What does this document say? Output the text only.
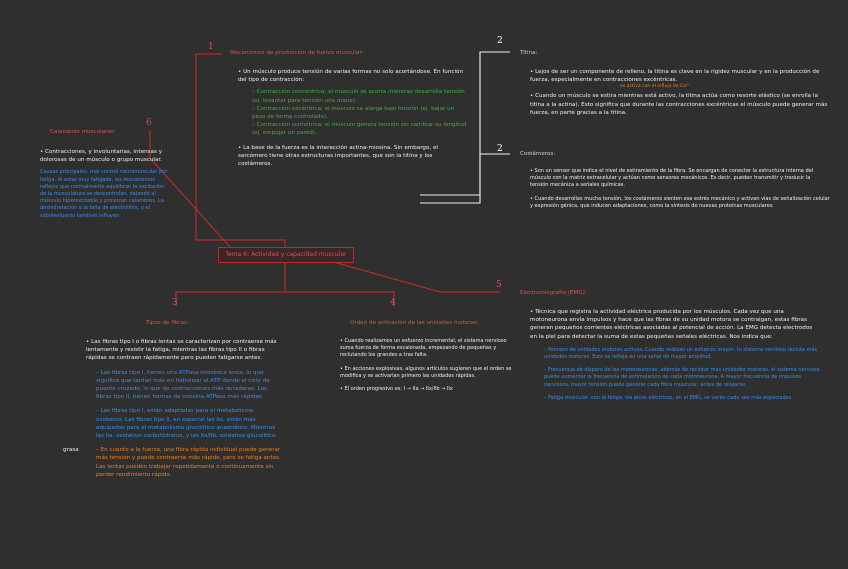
Tema 6: Actividad y capacidad muscular
1
Mecanismos de producción de fuerza muscular:

• Un músculo produce tensión de varias formas no solo acortándose. En función del tipo de contracción:

– Contracción concéntrica: el músculo se acorta mientras desarrolla tensión (ej. levantar para tensión una mano).
– Contracción excéntrica: el músculo se alarga bajo tensión (ej. bajar un peso de forma controlada).
– Contracción isométrica: el músculo genera tensión sin cambiar su longitud (ej. empujar un pared).

• La base de la fuerza es la interacción actina-miosina. Sin embargo, el sarcómero tiene otras estructuras importantes, que son la titina y los costámeros.

2
Titina:

• Lejos de ser un componente de relleno, la titina es clave en la rigidez muscular y en la producción de fuerza, especialmente en contracciones excéntricas.

se activa con el influjo de Ca²⁺

• Cuando un músculo se estira mientras está activo, la titina actúa como resorte elástico (se enrolla la titina a la actina). Esto significa que durante las contracciones excéntricas el músculo puede generar más fuerza, en parte gracias a la titina.

2	Costámeros:

• Son un sensor que indica el nivel de estiramiento de la fibra. Se encargan de conectar la estructura interna del músculo con la matriz extracelular y actúan como sensores mecánicos. Es decir, pueden transmitir y traducir la tensión mecánica a señales químicas.

• Cuando desarrollas mucha tensión, los costámeros sienten ese estrés mecánico y activan vías de señalización celular y expresión génica, que inducen adaptaciones, como la síntesis de nuevas proteínas musculares.

6
Calambres musculares:

• Contracciones, y involuntarias, intensas y dolorosas de un músculo o grupo muscular.

Causas principales: mal control neuromuscular por fatiga. Al estar muy fatigado, los mecanismos reflejos que normalmente equilibran la excitación de la musculatura se descontrolan, dejando al músculo hiperexcitable y provocan calambres. La deshidratación o la falta de electrolitos, y el sobreesfuerzo también influyen.

3
Tipos de fibras:

• Las fibras tipo I o fibras lentas se caracterizan por contraerse más lentamente y resistir la fatiga, mientras las fibras tipo II o fibras rápidas se contraen rápidamente pero pueden fatigarse antes.

– Las fibras tipo I, tienen una ATPasa miosínica lenta, lo que significa que tardan más en hidrolizar el ATP donde el ciclo de puente cruzado, lo que da contracciones más duraderas. Las fibras tipo II, tienen formas de miosina ATPasa más rápidas.
– Las fibras tipo I, están adaptadas para el metabolismo oxidativo. Las fibras tipo II, en especial las IIx, están más equipadas para el metabolismo glucolítico anaeróbico. Mientras las IIa, oxidativo-carbohidratos, y las IIx/IIb, oxidativo glucolítico.
– En cuanto a la fuerza, una fibra rápida individual puede generar más tensión y puede contraerse más rápido, pero se fatiga antes. Las lentas pueden trabajar repetidamente o continuamente sin perder rendimiento rápido.
grasa
4
Orden de activación de las unidades motoras:

• Cuando realizamos un esfuerzo incremental, el sistema nervioso suma fuerza de forma escalonada, empezando de pequeñas y reclutando los grandes a tras falta.

• En acciones explosivas, algunos artículos sugieren que el orden se modifica y se activarían primero las unidades rápidas.

• El orden progresivo es: I → IIa → IIx/IIb → IIx

5
Electromiografía (EMG):

• Técnica que registra la actividad eléctrica producida por los músculos. Cada vez que una motoneurona envía impulsos y hace que las fibras de su unidad motora se contraigan, estas fibras generan pequeños corrientes eléctricas asociadas al potencial de acción. La EMG detecta electrodos en la piel para detectar la suma de estas pequeñas señales eléctricas. Nos indica que:

– Número de unidades motoras activas: Cuando realizas un esfuerzo mayor, tu sistema nervioso recluta más unidades motoras. Esto se refleja en una señal de mayor amplitud.
– Frecuencia de disparo de las motoneuronas: además de reclutar más unidades motoras, el sistema nervioso puede aumentar la frecuencia de estimulación de cada motoneurona. A mayor frecuencia de impulsos nerviosos, mayor tensión puede generar cada fibra muscular, antes de relajarse.
– Fatiga muscular: con la fatiga, los picos eléctricos, en el EMG, se verán cada vez más espaciados.
